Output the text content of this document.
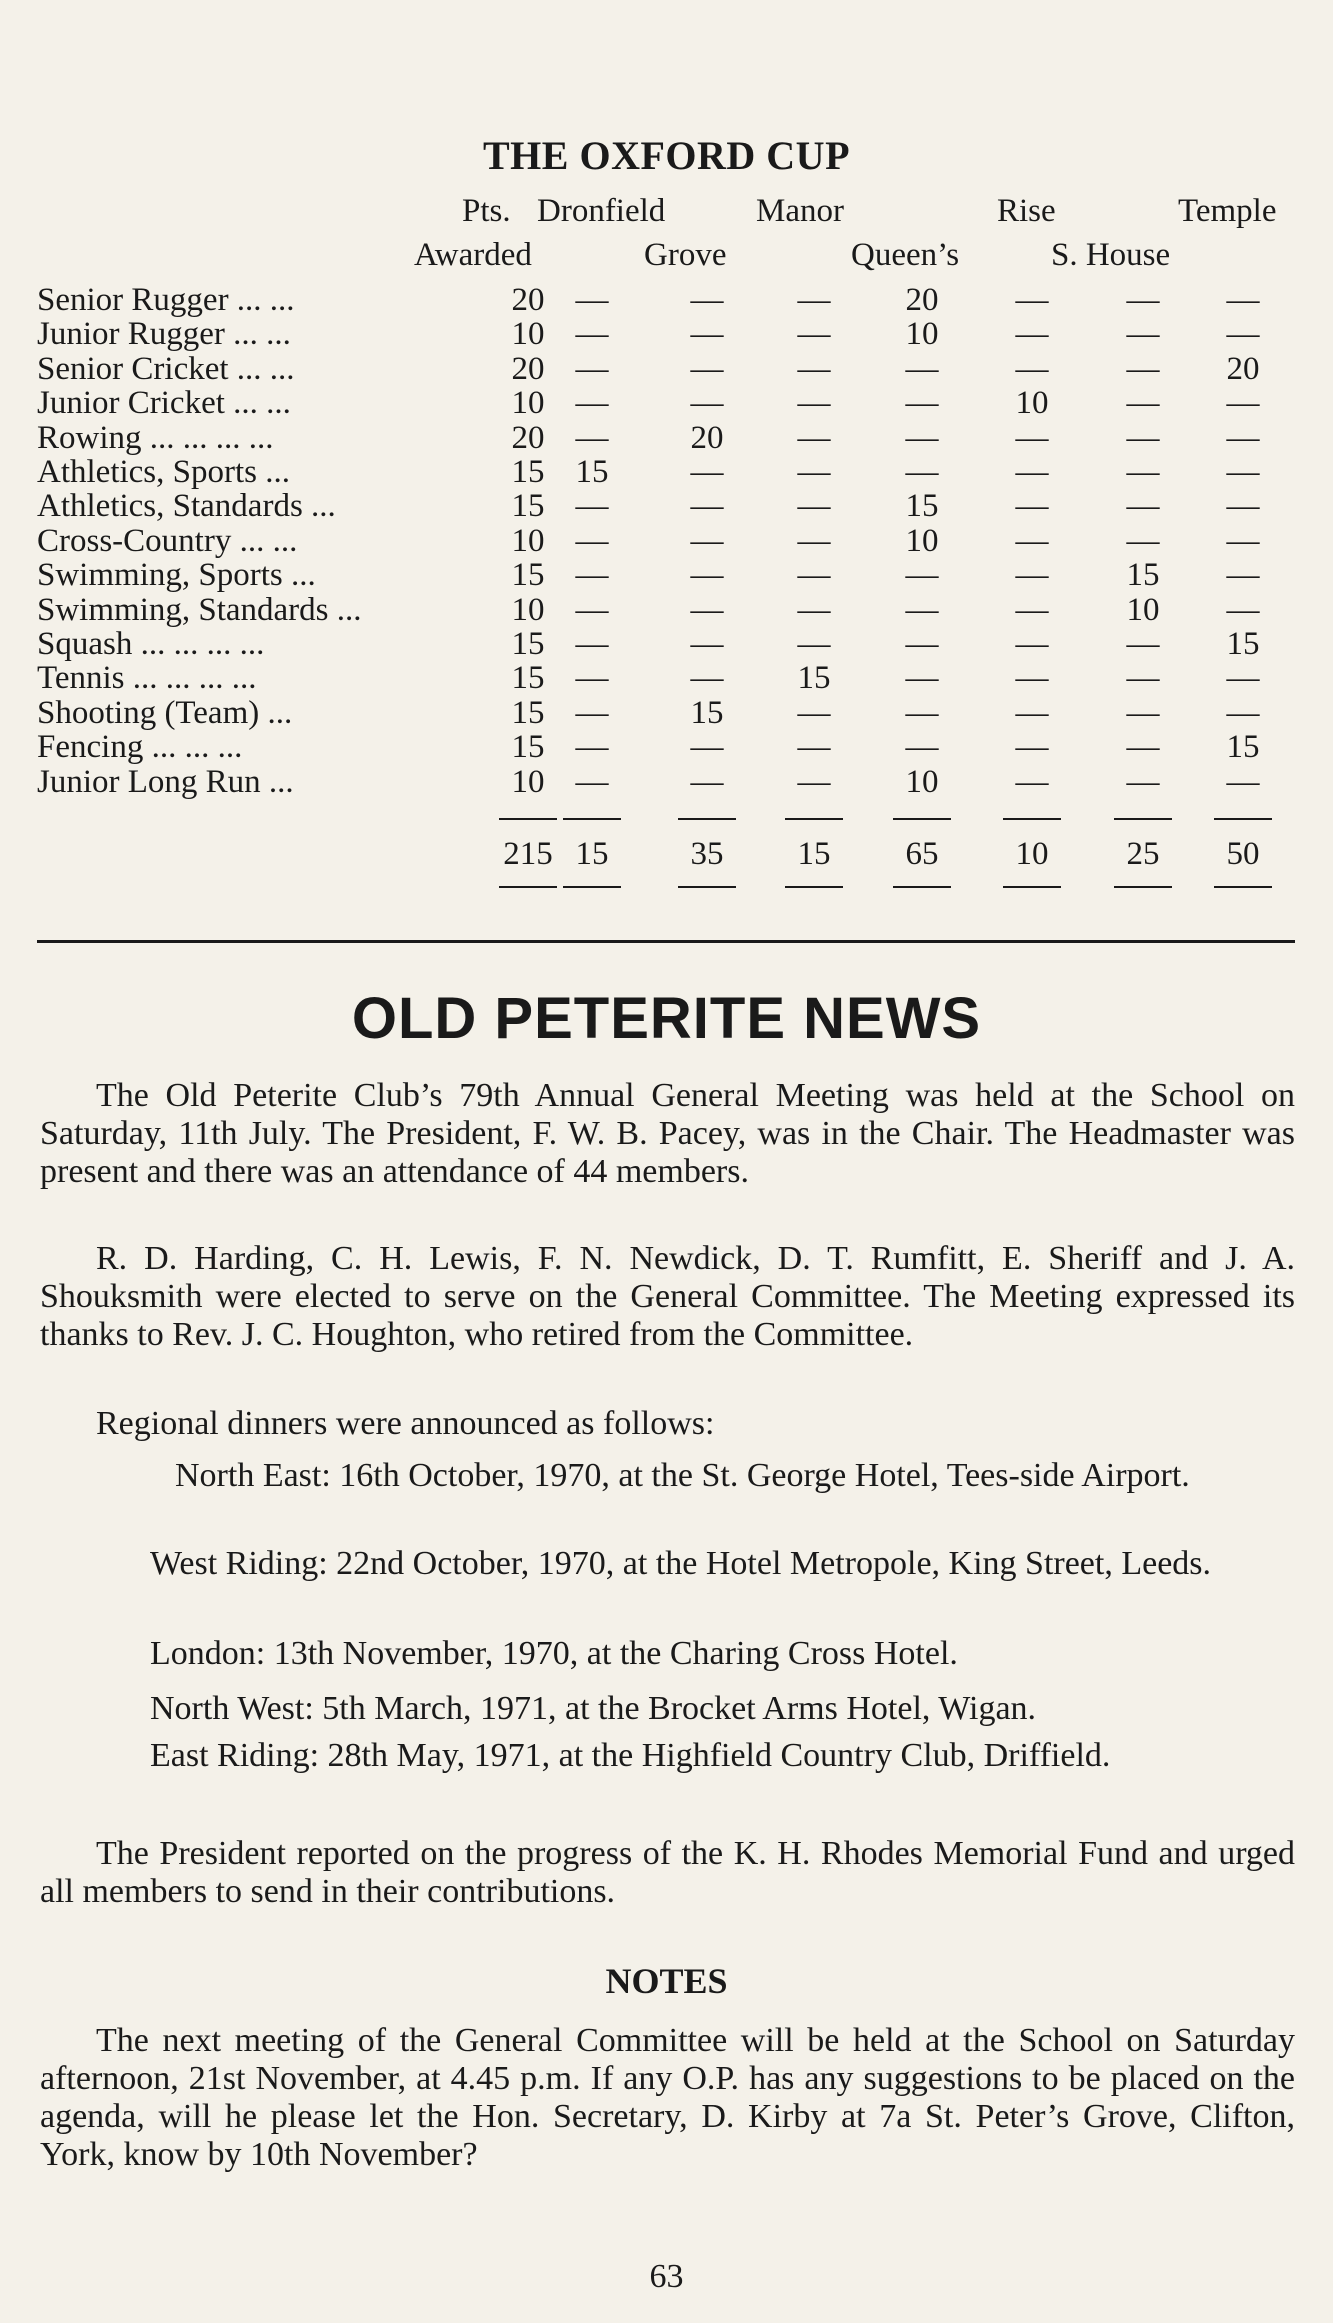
THE OXFORD CUP
Pts. Dronfield	Manor	Rise	Temple
Awarded	Grove	Queen’s	S. House
Senior Rugger ... ...	20 —	—	—	20	—	—	—
Junior Rugger ... ...	10 —	—	—	10	—	—	—
Senior Cricket ... ...	20 —	—	—	—	—	—	20
Junior Cricket ... ...	10 —	—	—	—	10	—	—
Rowing ... ... ... ...	20 —	20	—	—	—	—	—
Athletics, Sports ...	15 15	—	—	—	—	—	—
Athletics, Standards ...	15 —	—	—	15	—	—	—
Cross-Country ... ...	10 —	—	—	10	—	—	—
Swimming, Sports ...	15 —	—	—	—	—	15	—
Swimming, Standards ...	10 —	—	—	—	—	10	—
Squash ... ... ... ...	15 —	—	—	—	—	—	15
Tennis ... ... ... ...	15 —	—	15	—	—	—	—
Shooting (Team) ...	15 —	15	—	—	—	—	—
Fencing ... ... ...	15 —	—	—	—	—	—	15
Junior Long Run ...	10 —	—	—	10	—	—	—
215 15	35	15	65	10	25	50
OLD PETERITE NEWS
The Old Peterite Club’s 79th Annual General Meeting was held at the School on Saturday, 11th July. The President, F. W. B. Pacey, was in the Chair. The Headmaster was present and there was an attendance of 44 members.
R. D. Harding, C. H. Lewis, F. N. Newdick, D. T. Rumfitt, E. Sheriff and J. A. Shouksmith were elected to serve on the General Committee. The Meeting expressed its thanks to Rev. J. C. Houghton, who retired from the Committee.
Regional dinners were announced as follows:
North East: 16th October, 1970, at the St. George Hotel, Tees-side Airport.
West Riding: 22nd October, 1970, at the Hotel Metropole, King Street, Leeds.
London: 13th November, 1970, at the Charing Cross Hotel.
North West: 5th March, 1971, at the Brocket Arms Hotel, Wigan.
East Riding: 28th May, 1971, at the Highfield Country Club, Driffield.
The President reported on the progress of the K. H. Rhodes Memorial Fund and urged all members to send in their contributions.
NOTES
The next meeting of the General Committee will be held at the School on Saturday afternoon, 21st November, at 4.45 p.m. If any O.P. has any suggestions to be placed on the agenda, will he please let the Hon. Secretary, D. Kirby at 7a St. Peter’s Grove, Clifton, York, know by 10th November?
63
